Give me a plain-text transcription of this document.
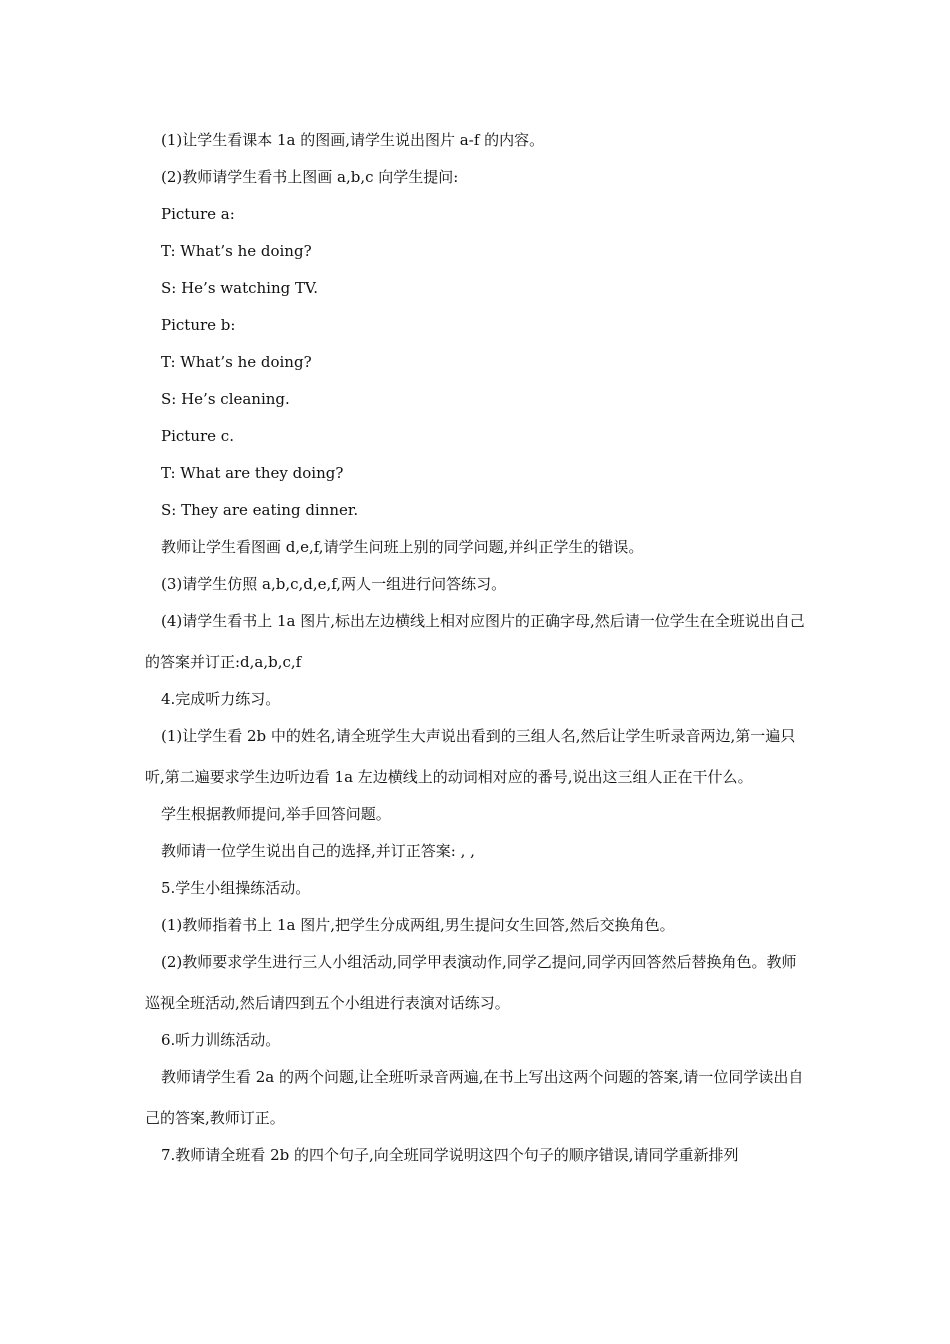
(1)让学生看课本 1a 的图画,请学生说出图片 a-f 的内容。

(2)教师请学生看书上图画 a,b,c 向学生提问:

Picture a:

T: What’s he doing?

S: He’s watching TV.

Picture b:

T: What’s he doing?

S: He’s cleaning.

Picture c.

T: What are they doing?

S: They are eating dinner.

教师让学生看图画 d,e,f,请学生问班上别的同学问题,并纠正学生的错误。

(3)请学生仿照 a,b,c,d,e,f,两人一组进行问答练习。

(4)请学生看书上 1a 图片,标出左边横线上相对应图片的正确字母,然后请一位学生在全班说出自己的答案并订正:d,a,b,c,f

4.完成听力练习。

(1)让学生看 2b 中的姓名,请全班学生大声说出看到的三组人名,然后让学生听录音两边,第一遍只听,第二遍要求学生边听边看 1a 左边横线上的动词相对应的番号,说出这三组人正在干什么。

学生根据教师提问,举手回答问题。

教师请一位学生说出自己的选择,并订正答案: , ,

5.学生小组操练活动。

(1)教师指着书上 1a 图片,把学生分成两组,男生提问女生回答,然后交换角色。

(2)教师要求学生进行三人小组活动,同学甲表演动作,同学乙提问,同学丙回答然后替换角色。教师巡视全班活动,然后请四到五个小组进行表演对话练习。

6.听力训练活动。

教师请学生看 2a 的两个问题,让全班听录音两遍,在书上写出这两个问题的答案,请一位同学读出自己的答案,教师订正。

7.教师请全班看 2b 的四个句子,向全班同学说明这四个句子的顺序错误,请同学重新排列
